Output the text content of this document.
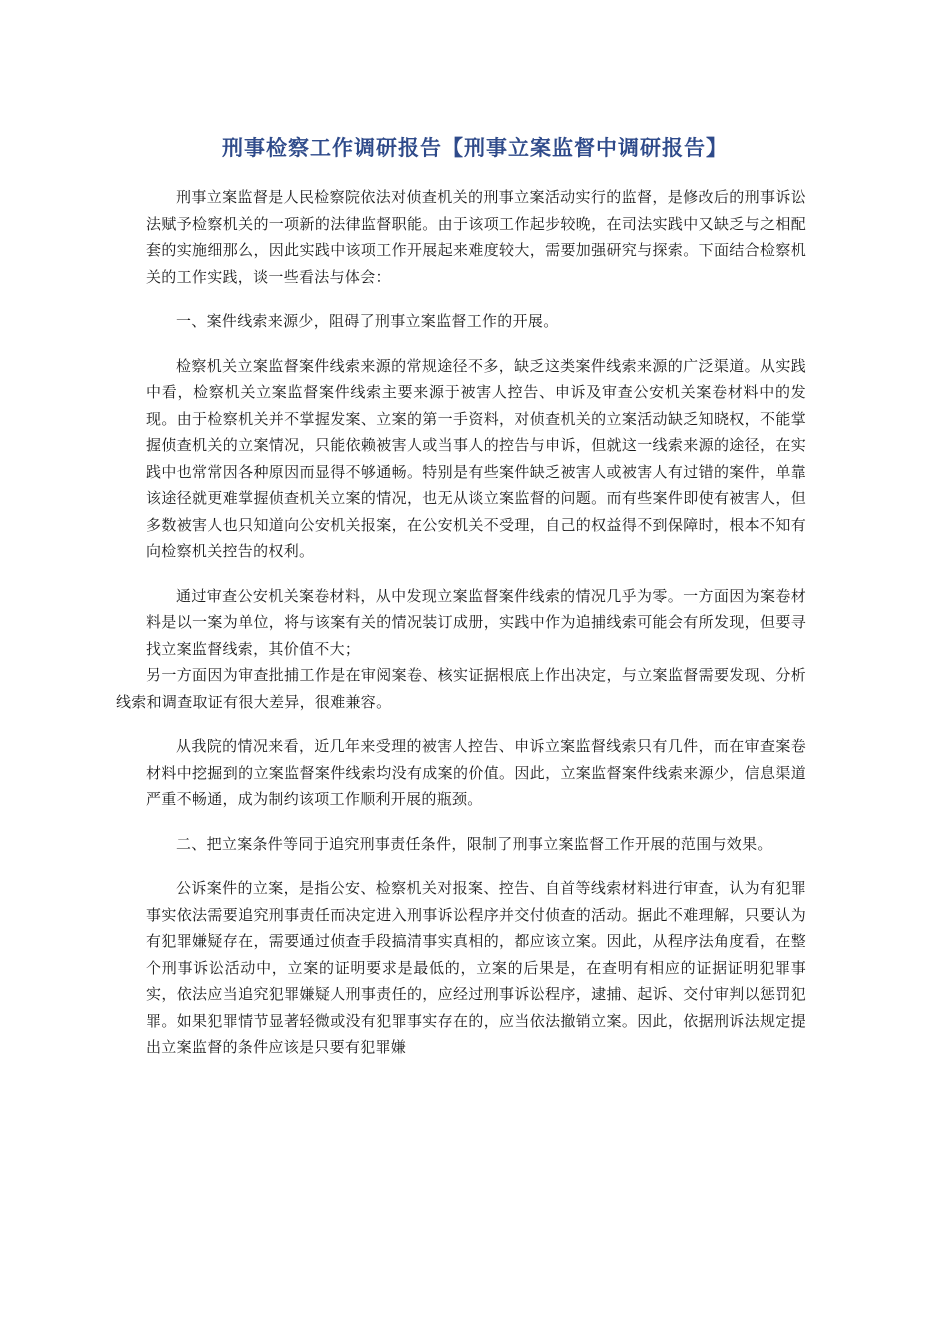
刑事检察工作调研报告【刑事立案监督中调研报告】

刑事立案监督是人民检察院依法对侦查机关的刑事立案活动实行的监督，是修改后的刑事诉讼法赋予检察机关的一项新的法律监督职能。由于该项工作起步较晚，在司法实践中又缺乏与之相配套的实施细那么，因此实践中该项工作开展起来难度较大，需要加强研究与探索。下面结合检察机关的工作实践，谈一些看法与体会：

一、案件线索来源少，阻碍了刑事立案监督工作的开展。

检察机关立案监督案件线索来源的常规途径不多，缺乏这类案件线索来源的广泛渠道。从实践中看，检察机关立案监督案件线索主要来源于被害人控告、申诉及审查公安机关案卷材料中的发现。由于检察机关并不掌握发案、立案的第一手资料，对侦查机关的立案活动缺乏知晓权，不能掌握侦查机关的立案情况，只能依赖被害人或当事人的控告与申诉，但就这一线索来源的途径，在实践中也常常因各种原因而显得不够通畅。特别是有些案件缺乏被害人或被害人有过错的案件，单靠该途径就更难掌握侦查机关立案的情况，也无从谈立案监督的问题。而有些案件即使有被害人，但多数被害人也只知道向公安机关报案，在公安机关不受理，自己的权益得不到保障时，根本不知有向检察机关控告的权利。

通过审查公安机关案卷材料，从中发现立案监督案件线索的情况几乎为零。一方面因为案卷材料是以一案为单位，将与该案有关的情况装订成册，实践中作为追捕线索可能会有所发现，但要寻找立案监督线索，其价值不大；
另一方面因为审查批捕工作是在审阅案卷、核实证据根底上作出决定，与立案监督需要发现、分析线索和调查取证有很大差异，很难兼容。

从我院的情况来看，近几年来受理的被害人控告、申诉立案监督线索只有几件，而在审查案卷材料中挖掘到的立案监督案件线索均没有成案的价值。因此，立案监督案件线索来源少，信息渠道严重不畅通，成为制约该项工作顺利开展的瓶颈。

二、把立案条件等同于追究刑事责任条件，限制了刑事立案监督工作开展的范围与效果。

公诉案件的立案，是指公安、检察机关对报案、控告、自首等线索材料进行审查，认为有犯罪事实依法需要追究刑事责任而决定进入刑事诉讼程序并交付侦查的活动。据此不难理解，只要认为有犯罪嫌疑存在，需要通过侦查手段搞清事实真相的，都应该立案。因此，从程序法角度看，在整个刑事诉讼活动中，立案的证明要求是最低的，立案的后果是，在查明有相应的证据证明犯罪事实，依法应当追究犯罪嫌疑人刑事责任的，应经过刑事诉讼程序，逮捕、起诉、交付审判以惩罚犯罪。如果犯罪情节显著轻微或没有犯罪事实存在的，应当依法撤销立案。因此，依据刑诉法规定提出立案监督的条件应该是只要有犯罪嫌
